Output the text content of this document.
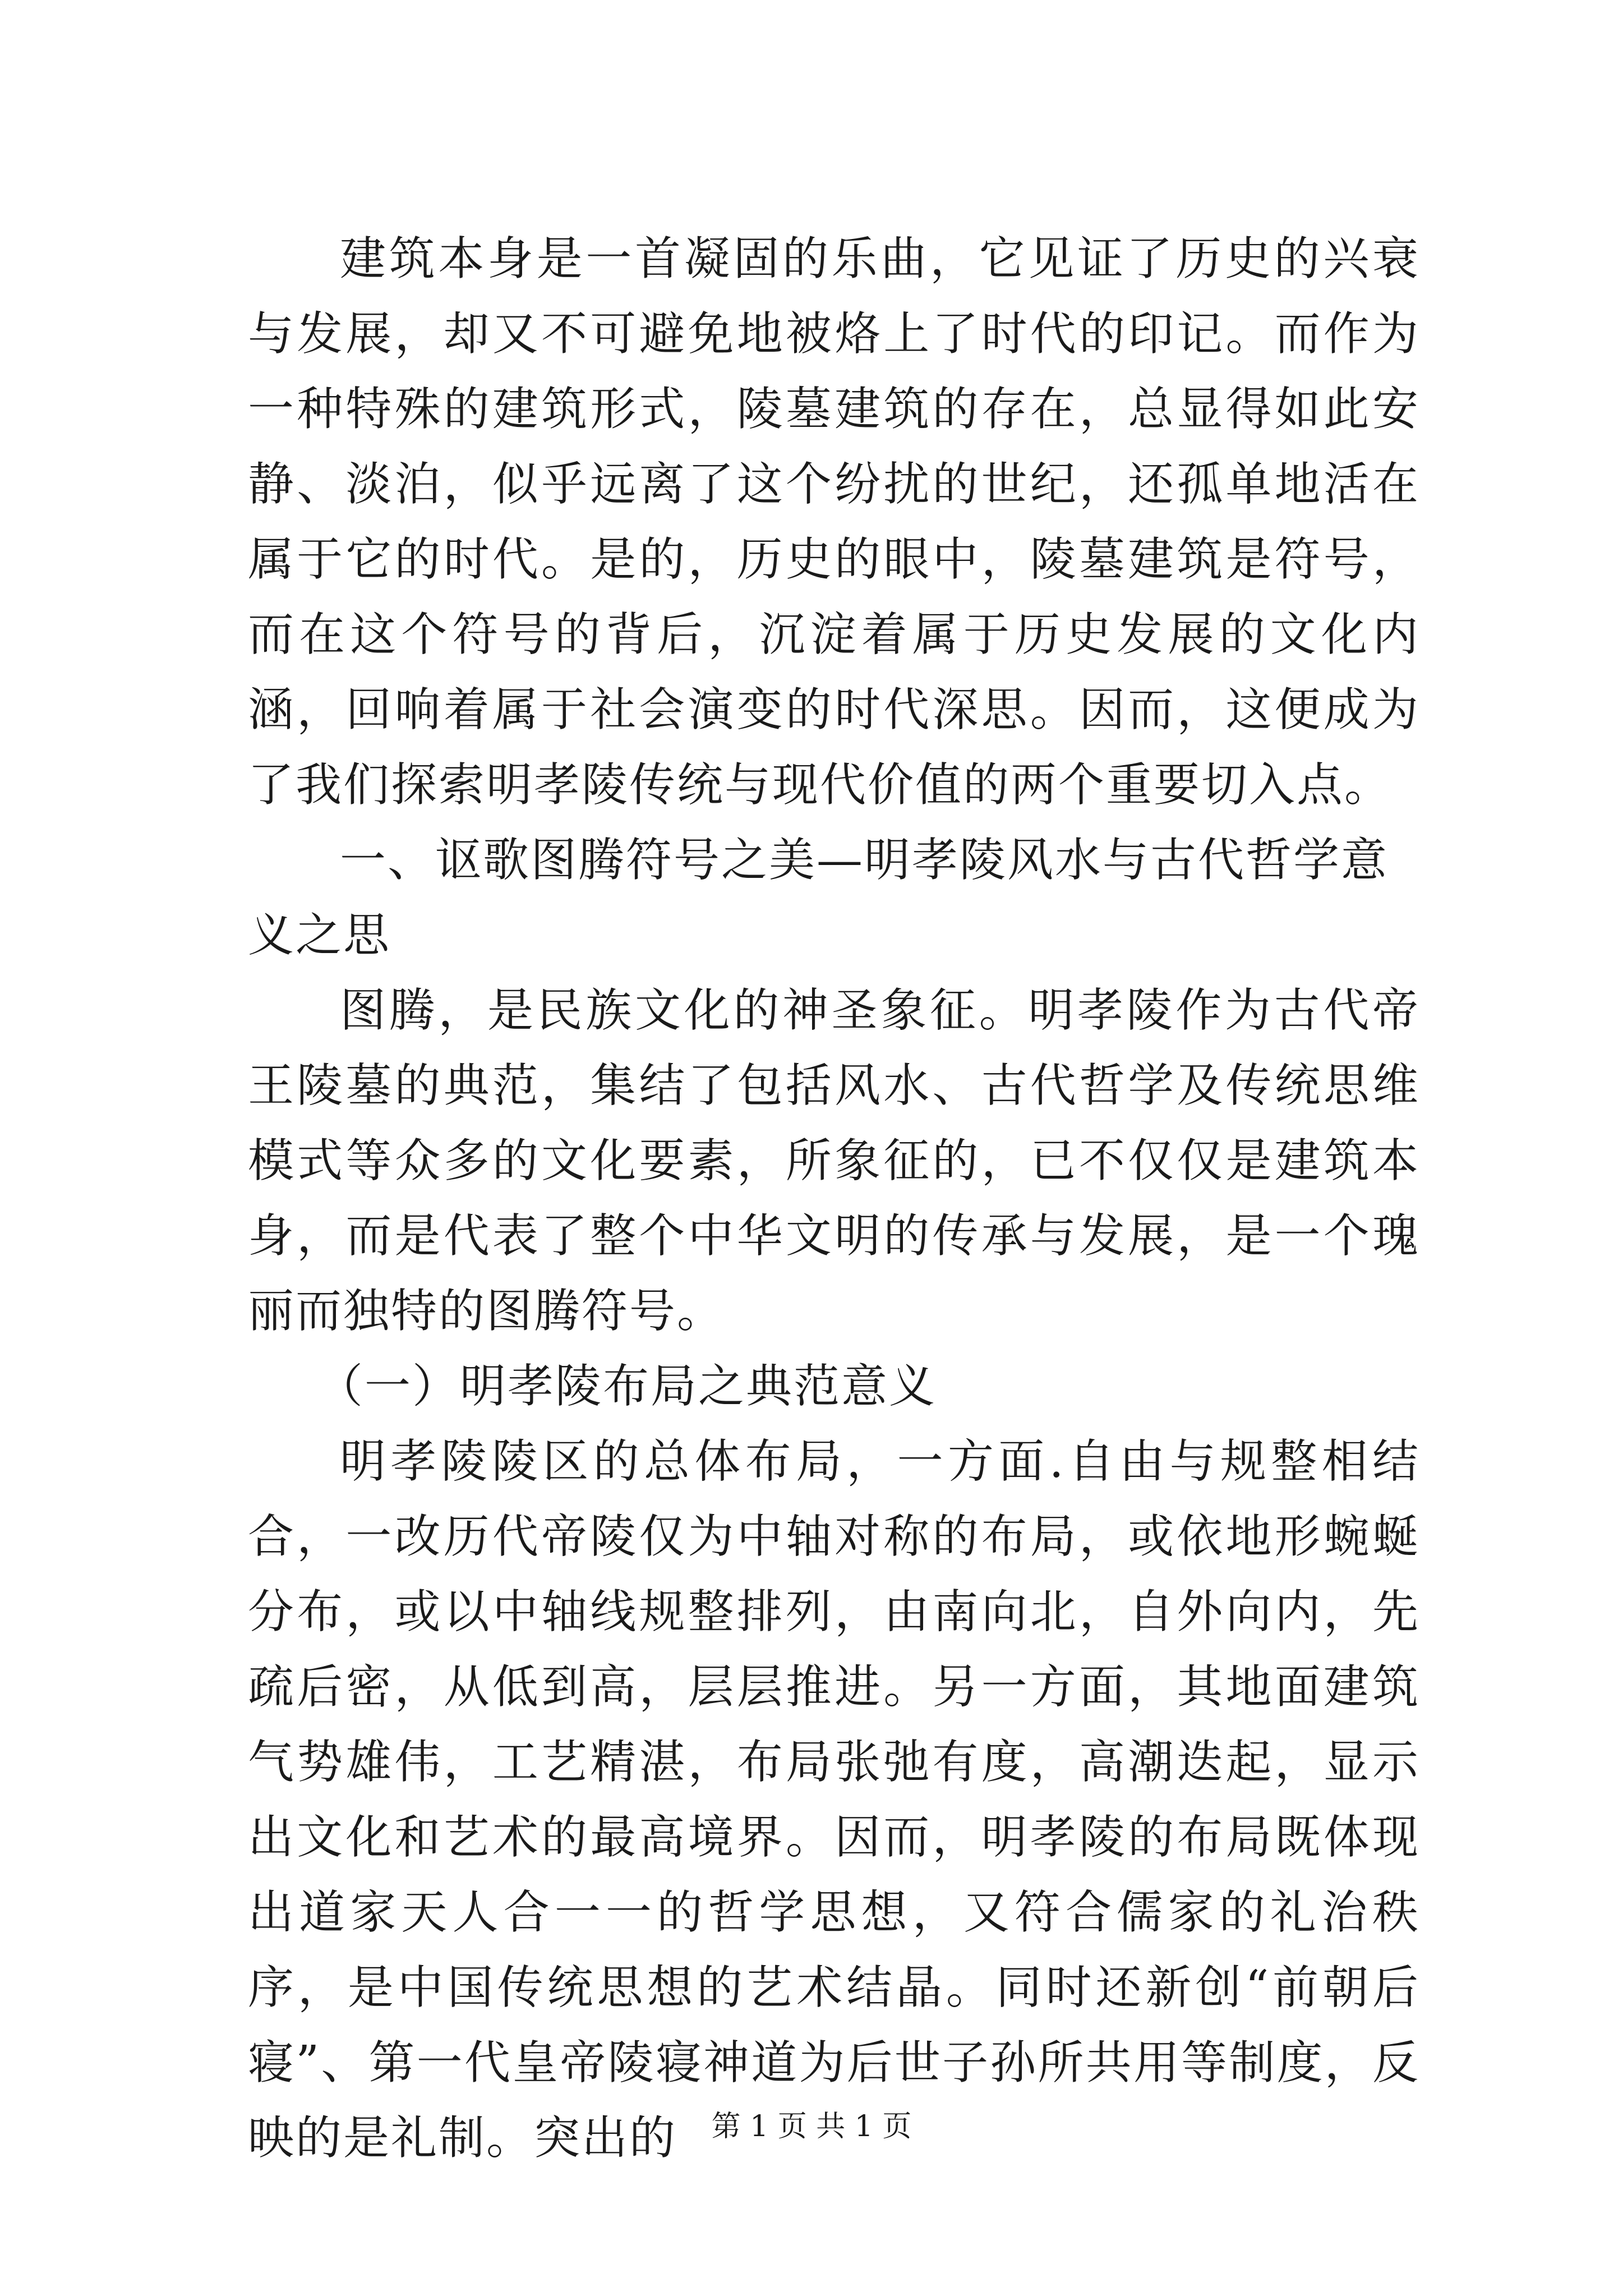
建筑本身是一首凝固的乐曲，它见证了历史的兴衰与发展，却又不可避免地被烙上了时代的印记。而作为一种特殊的建筑形式，陵墓建筑的存在，总显得如此安静、淡泊，似乎远离了这个纷扰的世纪，还孤单地活在属于它的时代。是的，历史的眼中，陵墓建筑是符号，而在这个符号的背后，沉淀着属于历史发展的文化内涵，回响着属于社会演变的时代深思。因而，这便成为了我们探索明孝陵传统与现代价值的两个重要切入点。

一、讴歌图腾符号之美—明孝陵风水与古代哲学意义之思

图腾，是民族文化的神圣象征。明孝陵作为古代帝王陵墓的典范，集结了包括风水、古代哲学及传统思维模式等众多的文化要素，所象征的，已不仅仅是建筑本身，而是代表了整个中华文明的传承与发展，是一个瑰丽而独特的图腾符号。

（一）明孝陵布局之典范意义

明孝陵陵区的总体布局，一方面.自由与规整相结合，一改历代帝陵仅为中轴对称的布局，或依地形蜿蜒分布，或以中轴线规整排列，由南向北，自外向内，先疏后密，从低到高，层层推进。另一方面，其地面建筑气势雄伟，工艺精湛，布局张弛有度，高潮迭起，显示出文化和艺术的最高境界。因而，明孝陵的布局既体现出道家天人合一一的哲学思想，又符合儒家的礼治秩序，是中国传统思想的艺术结晶。同时还新创“前朝后寝”、第一代皇帝陵寝神道为后世子孙所共用等制度，反映的是礼制。突出的	第 1 页 共 1 页
